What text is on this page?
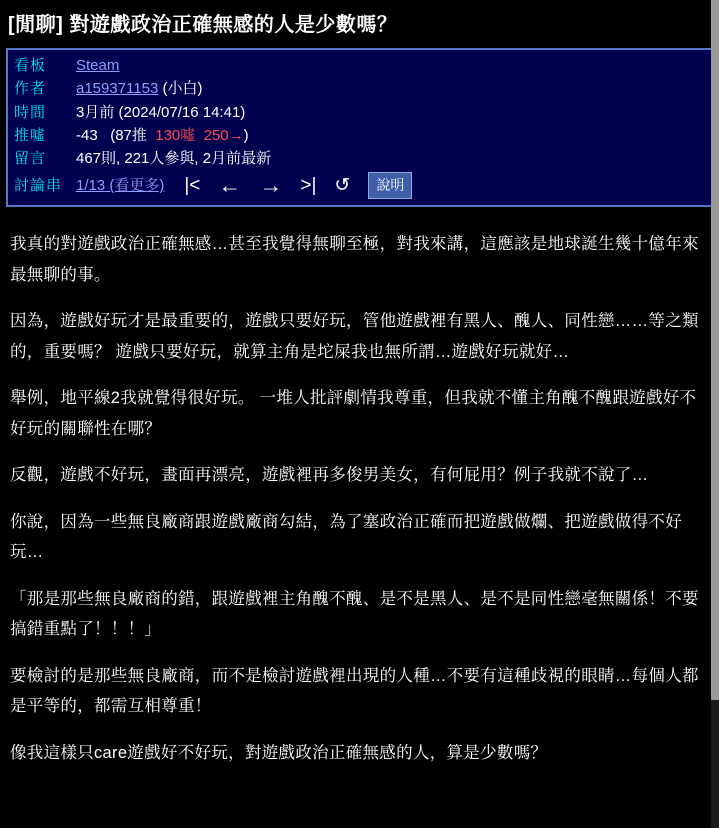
[閒聊] 對遊戲政治正確無感的人是少數嗎？
看板	Steam
作者	a159371153 (小白)
時間	3月前 (2024/07/16 14:41)
推噓	-43 (87推 130噓 250→)
留言	467則, 221人參與, 2月前最新
討論串 1/13 (看更多) |< ← → >| ↺	說明

我真的對遊戲政治正確無感…甚至我覺得無聊至極，對我來講，這應該是地球誕生幾十億年來最無聊的事。

因為，遊戲好玩才是最重要的，遊戲只要好玩，管他遊戲裡有黑人、醜人、同性戀……等之類的，重要嗎？ 遊戲只要好玩，就算主角是坨屎我也無所謂…遊戲好玩就好…

舉例，地平線2我就覺得很好玩。 一堆人批評劇情我尊重，但我就不懂主角醜不醜跟遊戲好不好玩的關聯性在哪？

反觀，遊戲不好玩，畫面再漂亮，遊戲裡再多俊男美女，有何屁用？例子我就不說了…

你說，因為一些無良廠商跟遊戲廠商勾結，為了塞政治正確而把遊戲做爛、把遊戲做得不好玩…

「那是那些無良廠商的錯，跟遊戲裡主角醜不醜、是不是黑人、是不是同性戀毫無關係！不要搞錯重點了！！！」

要檢討的是那些無良廠商，而不是檢討遊戲裡出現的人種…不要有這種歧視的眼睛…每個人都是平等的，都需互相尊重！

像我這樣只care遊戲好不好玩，對遊戲政治正確無感的人，算是少數嗎？
